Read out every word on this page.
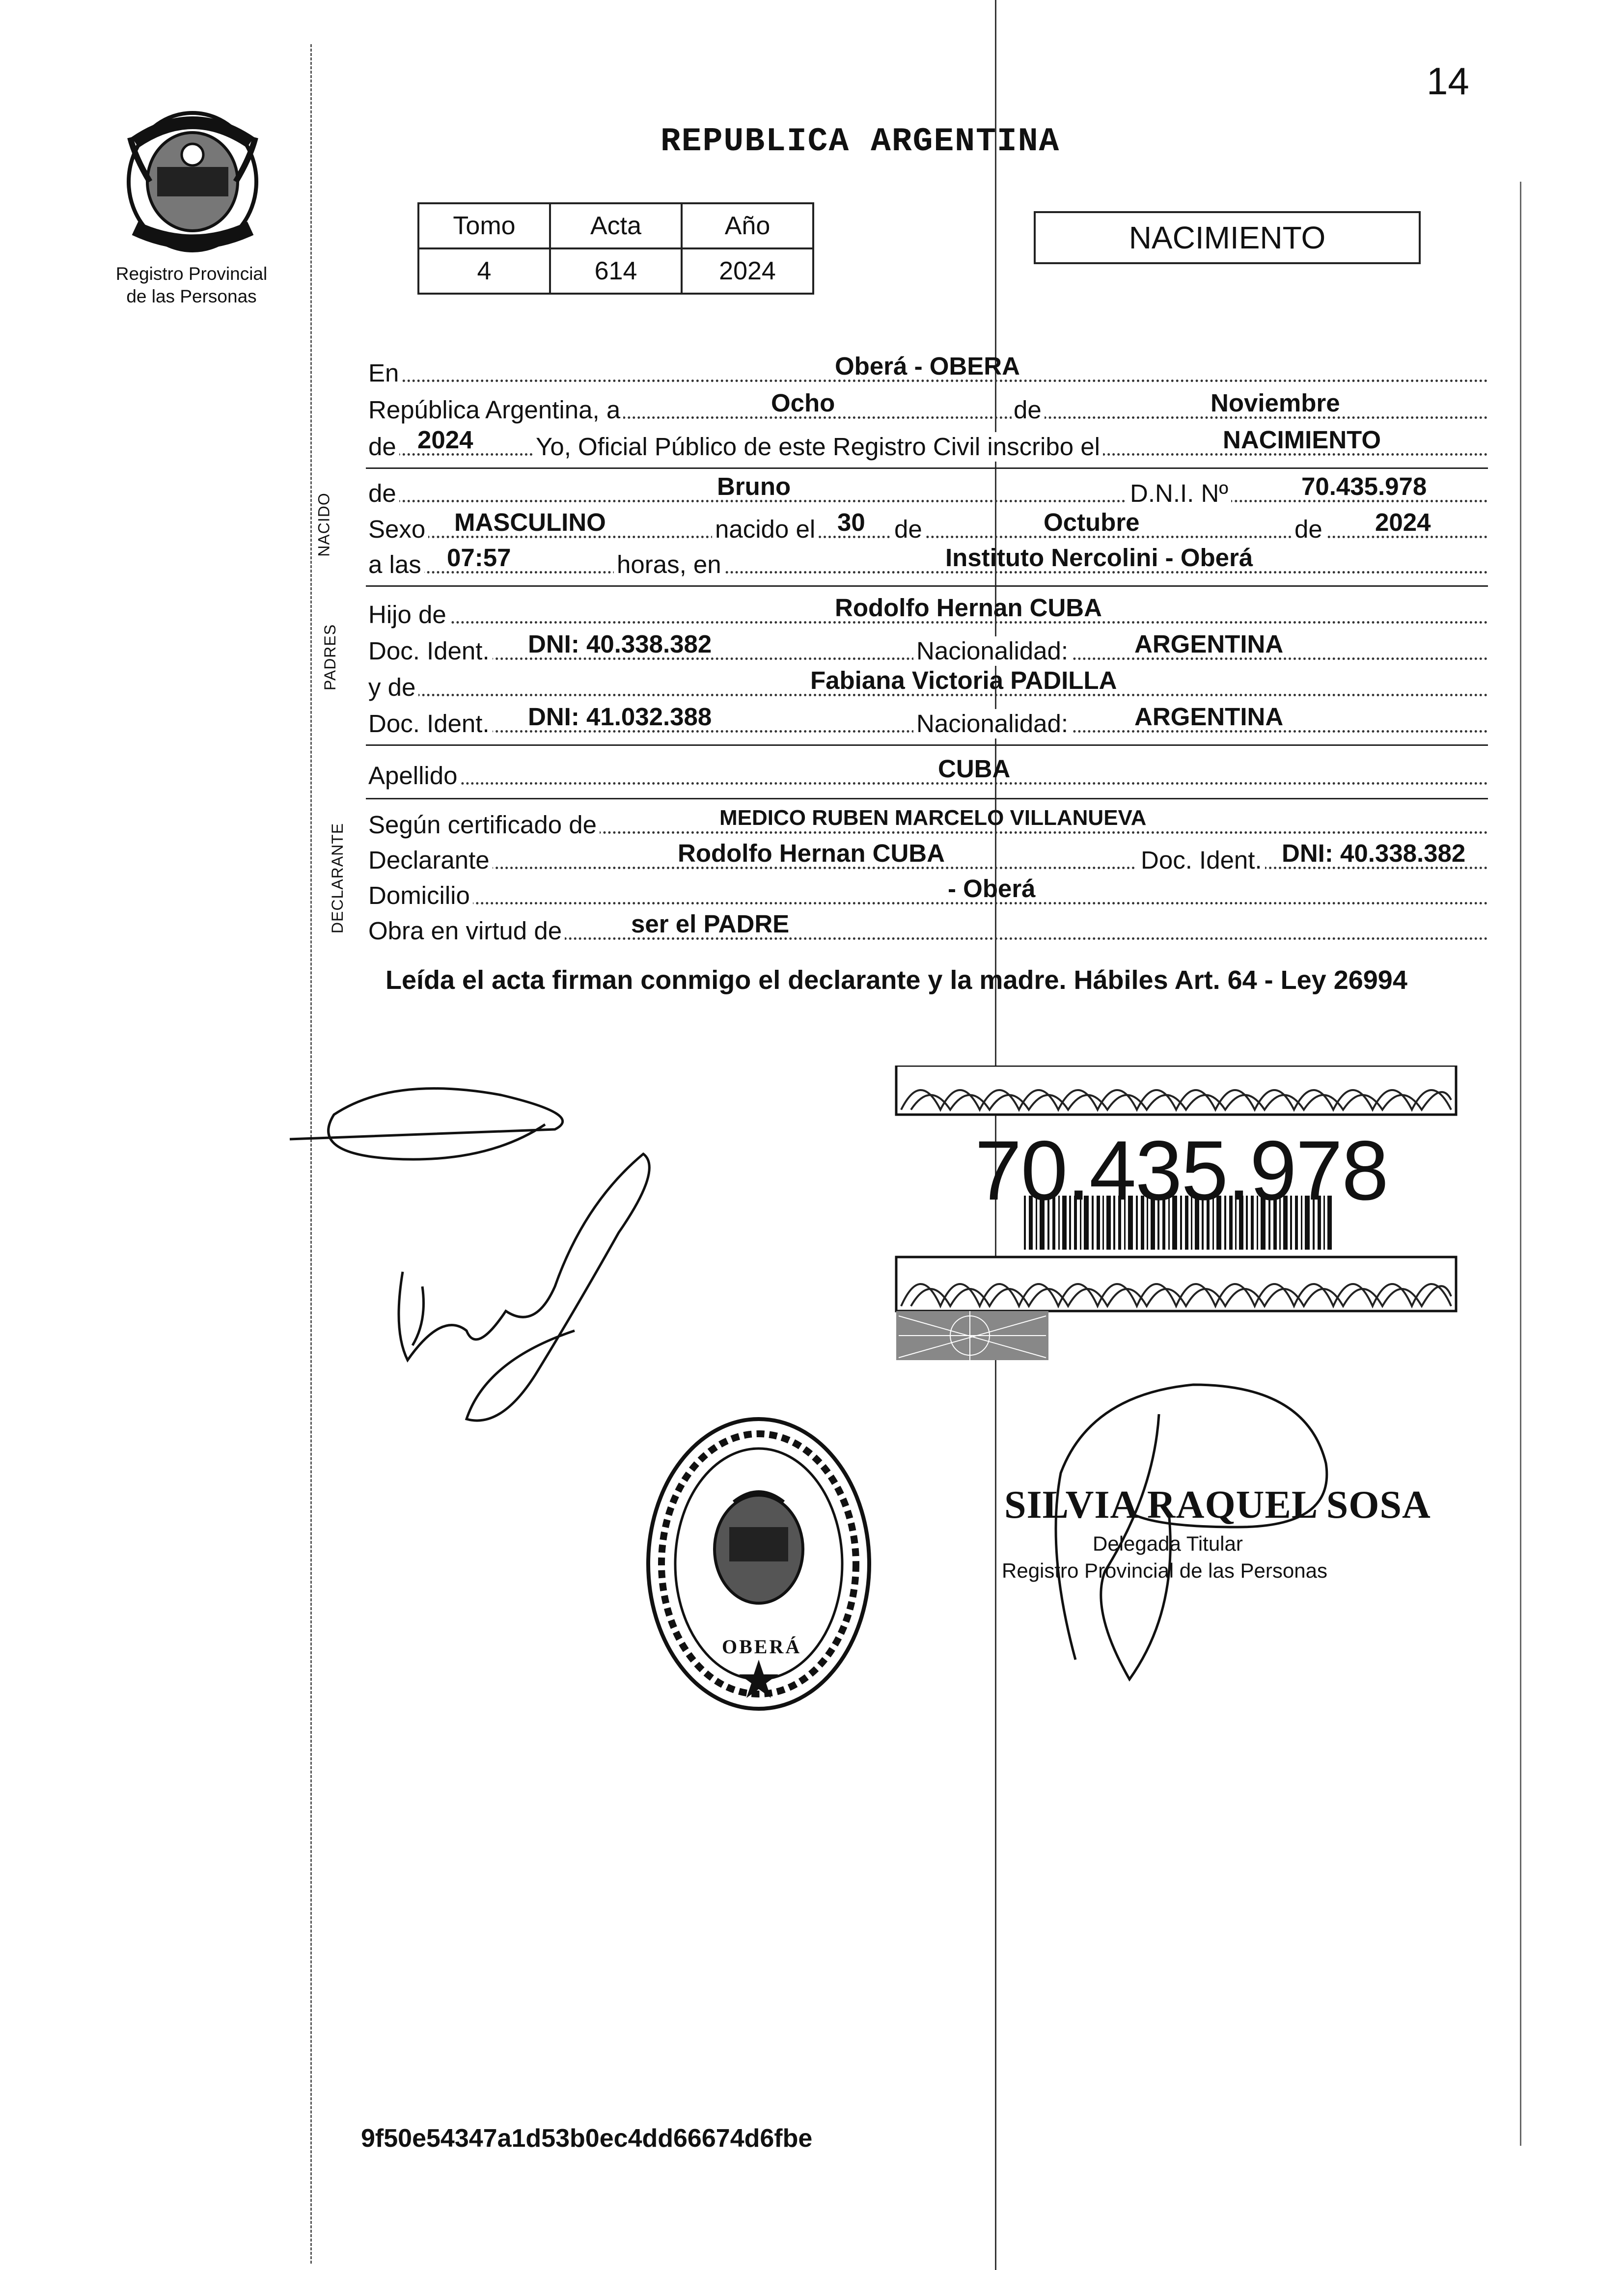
14
Registro Provincial
de las Personas
REPUBLICA ARGENTINA
Tomo	Acta	Año
4	614	2024
NACIMIENTO
En	Oberá - OBERA
República Argentina, a	Ocho	de	Noviembre
de 2024	Yo, Oficial Público de este Registro Civil inscribo el	NACIMIENTO
NACIDO de	Bruno	D.N.I. Nº	70.435.978
Sexo MASCULINO	nacido el 30 de	Octubre	de 2024
a las 07:57	horas, en	Instituto Nercolini - Oberá
PADRES
Hijo de	Rodolfo Hernan CUBA
Doc. Ident. DNI: 40.338.382	Nacionalidad:	ARGENTINA
y de	Fabiana Victoria PADILLA
Doc. Ident. DNI: 41.032.388	Nacionalidad:	ARGENTINA
Apellido	CUBA
DECLARANTE Según certificado de	MEDICO RUBEN MARCELO VILLANUEVA
Declarante	Rodolfo Hernan CUBA	Doc. Ident. DNI: 40.338.382
Domicilio	- Oberá
Obra en virtud de	ser el PADRE
Leída el acta firman conmigo el declarante y la madre. Hábiles Art. 64 - Ley 26994
70.435.978
OBERÁ
SILVIA RAQUEL SOSA
Delegada Titular
Registro Provincial de las Personas
9f50e54347a1d53b0ec4dd66674d6fbe
